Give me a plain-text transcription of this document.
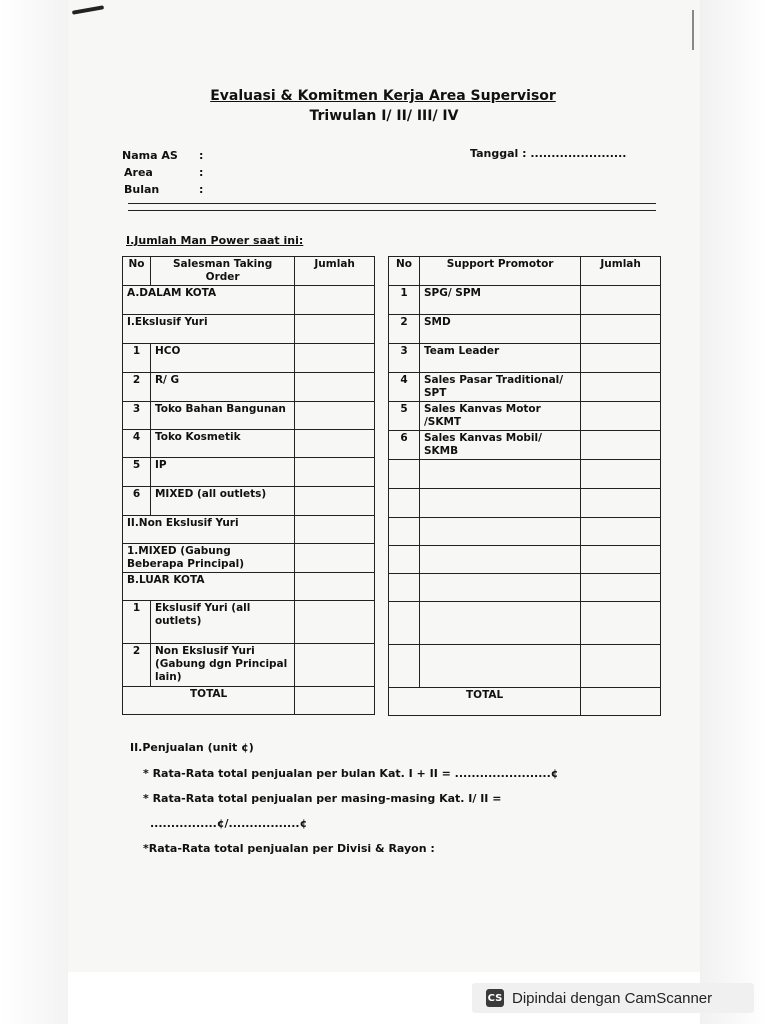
Evaluasi & Komitmen Kerja Area Supervisor
Triwulan I/ II/ III/ IV
Nama AS :
Area	:
Bulan	:
Tanggal : .......................
I.Jumlah Man Power saat ini:
No	Salesman Taking Order	Jumlah
A.DALAM KOTA		
I.Ekslusif Yuri		
1	HCO	
2	R/ G	
3	Toko Bahan Bangunan	
4	Toko Kosmetik	
5	IP	
6	MIXED (all outlets)	
II.Non Ekslusif Yuri		
1.MIXED (Gabung Beberapa Principal)		
B.LUAR KOTA		
1	Ekslusif Yuri (all outlets)	
2	Non Ekslusif Yuri (Gabung dgn Principal lain)	
TOTAL		
No	Support Promotor	Jumlah
1	SPG/ SPM	
2	SMD	
3	Team Leader	
4	Sales Pasar Traditional/ SPT	
5	Sales Kanvas Motor /SKMT	
6	Sales Kanvas Mobil/ SKMB	

TOTAL		
II.Penjualan (unit ¢)
* Rata-Rata total penjualan per bulan Kat. I + II = .......................¢
* Rata-Rata total penjualan per masing-masing Kat. I/ II =
................¢/.................¢
*Rata-Rata total penjualan per Divisi & Rayon :
CS Dipindai dengan CamScanner
